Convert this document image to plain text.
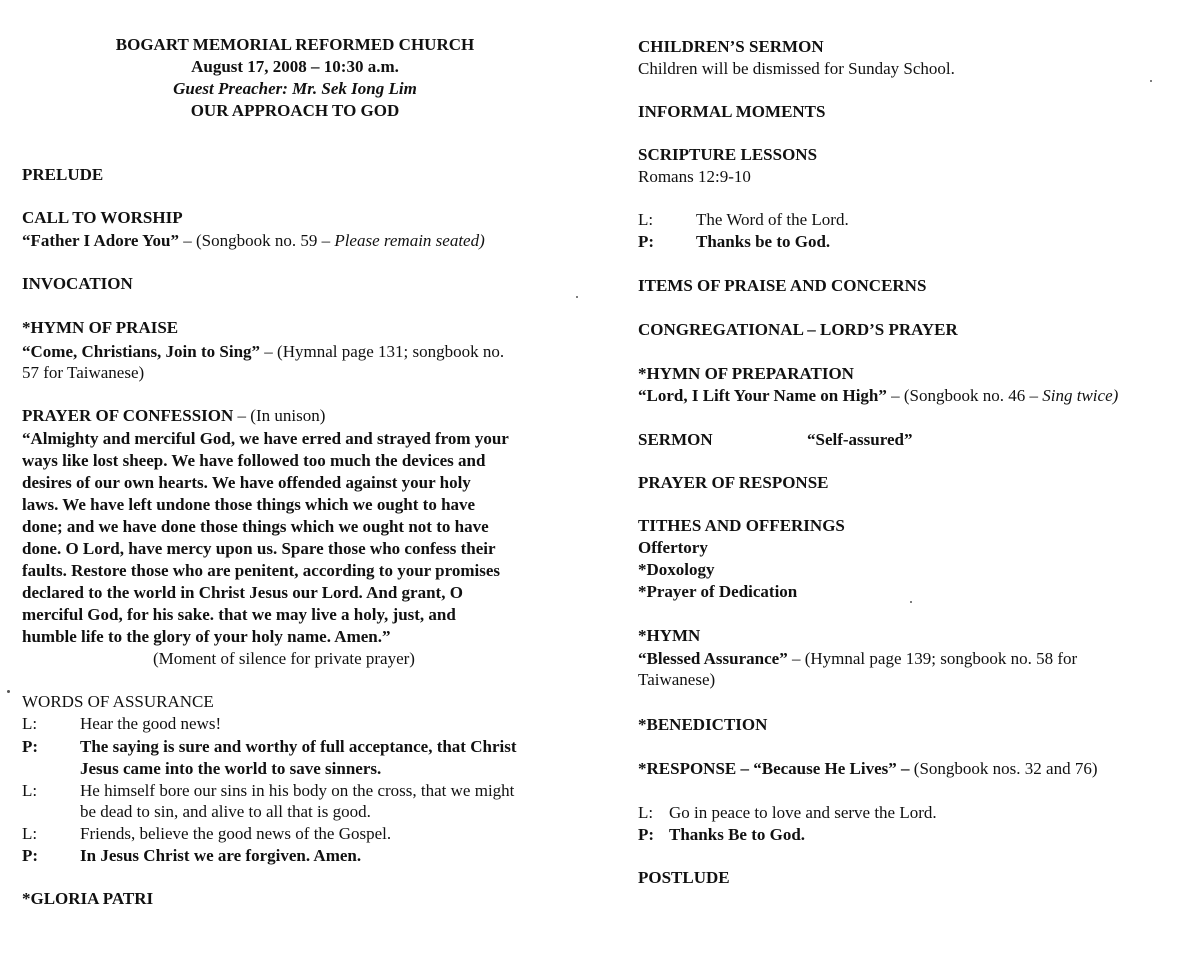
BOGART MEMORIAL REFORMED CHURCH
August 17, 2008 – 10:30 a.m.
Guest Preacher: Mr. Sek Iong Lim
OUR APPROACH TO GOD
PRELUDE
CALL TO WORSHIP
“Father I Adore You” – (Songbook no. 59 – Please remain seated)
INVOCATION
*HYMN OF PRAISE
“Come, Christians, Join to Sing” – (Hymnal page 131; songbook no.
57 for Taiwanese)
PRAYER OF CONFESSION – (In unison)
“Almighty and merciful God, we have erred and strayed from your
ways like lost sheep. We have followed too much the devices and
desires of our own hearts. We have offended against your holy
laws. We have left undone those things which we ought to have
done; and we have done those things which we ought not to have
done. O Lord, have mercy upon us. Spare those who confess their
faults. Restore those who are penitent, according to your promises
declared to the world in Christ Jesus our Lord. And grant, O
merciful God, for his sake. that we may live a holy, just, and
humble life to the glory of your holy name. Amen.”
(Moment of silence for private prayer)
WORDS OF ASSURANCE
L:	Hear the good news!
P: The saying is sure and worthy of full acceptance, that Christ
Jesus came into the world to save sinners.
L:	He himself bore our sins in his body on the cross, that we might
be dead to sin, and alive to all that is good.
L:	Friends, believe the good news of the Gospel.
P: In Jesus Christ we are forgiven. Amen.
*GLORIA PATRI
CHILDREN’S SERMON
Children will be dismissed for Sunday School.
INFORMAL MOMENTS
SCRIPTURE LESSONS
Romans 12:9-10
L:	The Word of the Lord.
P: Thanks be to God.
ITEMS OF PRAISE AND CONCERNS
CONGREGATIONAL – LORD’S PRAYER
*HYMN OF PREPARATION
“Lord, I Lift Your Name on High” – (Songbook no. 46 – Sing twice)
SERMON	“Self-assured”
PRAYER OF RESPONSE
TITHES AND OFFERINGS
Offertory
*Doxology
*Prayer of Dedication
*HYMN
“Blessed Assurance” – (Hymnal page 139; songbook no. 58 for
Taiwanese)
*BENEDICTION
*RESPONSE – “Because He Lives” – (Songbook nos. 32 and 76)
L: Go in peace to love and serve the Lord.
P: Thanks Be to God.
POSTLUDE
